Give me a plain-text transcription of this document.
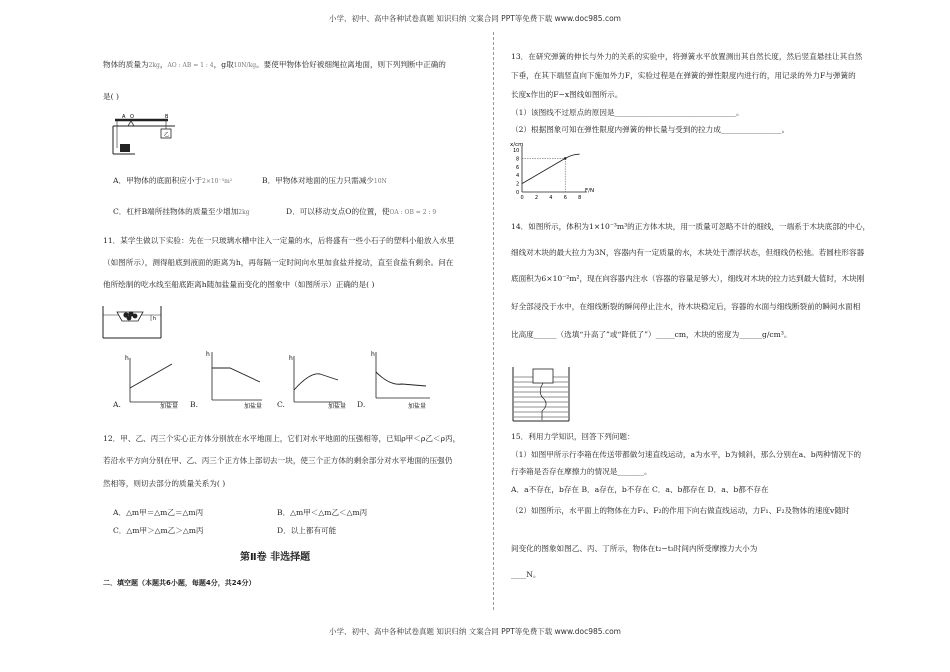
小学、初中、高中各种试卷真题 知识归纳 文案合同 PPT等免费下载 www.doc985.com
物体的质量为2kg，AO : AB = 1 : 4，g取10N/kg。要使甲物体恰好被细绳拉离地面，则下列判断中正确的
是( )
A O	B
乙
A．甲物体的底面积应小于2×10⁻³m²	B．甲物体对地面的压力只需减少10N
C．杠杆B端所挂物体的质量至少增加2kg	D．可以移动支点O的位置，使OA : OB = 2 : 9
11．某学生做以下实验：先在一只玻璃水槽中注入一定量的水，后将盛有一些小石子的塑料小船放入水里
（如图所示），测得船底到液面的距离为h，再每隔一定时间向水里加食盐并搅动，直至食盐有剩余。问在
他所绘制的吃水线至船底距离h随加盐量而变化的图象中（如图所示）正确的是( )
h
h
h
加盐量
h
加盐量
h
加盐量	加盐量
A.	B.	C.	D.
12．甲、乙、丙三个实心正方体分别放在水平地面上，它们对水平地面的压强相等，已知ρ甲＜ρ乙＜ρ丙，
若沿水平方向分别在甲、乙、丙三个正方体上部切去一块，使三个正方体的剩余部分对水平地面的压强仍
然相等，则切去部分的质量关系为( )
A．△m甲＝△m乙＝△m丙	B．△m甲＜△m乙＜△m丙
C．△m甲＞△m乙＞△m丙	D．以上都有可能
第Ⅱ卷 非选择题
二．填空题（本题共6小题，每题4分，共24分）
13．在研究弹簧的伸长与外力的关系的实验中，将弹簧水平放置测出其自然长度，然后竖直悬挂让其自然
下垂，在其下端竖直向下施加外力F，实验过程是在弹簧的弹性限度内进行的，用记录的外力F与弹簧的
长度x作出的F−x图线如图所示。
（1）该图线不过原点的原因是________________________________。
（2）根据图象可知在弹性限度内弹簧的伸长量与受到的拉力成________________。
x/cm
F/N
0 2 4 6 8
0
2
4
6
8
10
14．如图所示，体积为1×10⁻³m³的正方体木块，用一质量可忽略不计的细线，一端系于木块底部的中心，
细线对木块的最大拉力为3N，容器内有一定质量的水，木块处于漂浮状态，但细线仍松弛。若圆柱形容器
底面积为6×10⁻²m²，现在向容器内注水（容器的容量足够大），细线对木块的拉力达到最大值时，木块刚
好全部浸没于水中，在细线断裂的瞬间停止注水，待木块稳定后，容器的水面与细线断裂前的瞬间水面相
比高度______（选填“升高了”或“降低了”）_____cm，木块的密度为______g/cm³。
15．利用力学知识，回答下列问题：
（1）如图甲所示行李箱在传送带都做匀速直线运动，a为水平，b为倾斜，那么分别在a、b两种情况下的
行李箱是否存在摩擦力的情况是_______。
A．a不存在，b存在 B．a存在，b不存在 C．a、b都存在 D．a、b都不存在
（2）如图所示，水平面上的物体在力F₁、F₂的作用下向右做直线运动，力F₁、F₂及物体的速度v随时
间变化的图象如图乙、丙、丁所示，物体在t₂−t₃时间内所受摩擦力大小为
____N。
小学、初中、高中各种试卷真题 知识归纳 文案合同 PPT等免费下载 www.doc985.com
